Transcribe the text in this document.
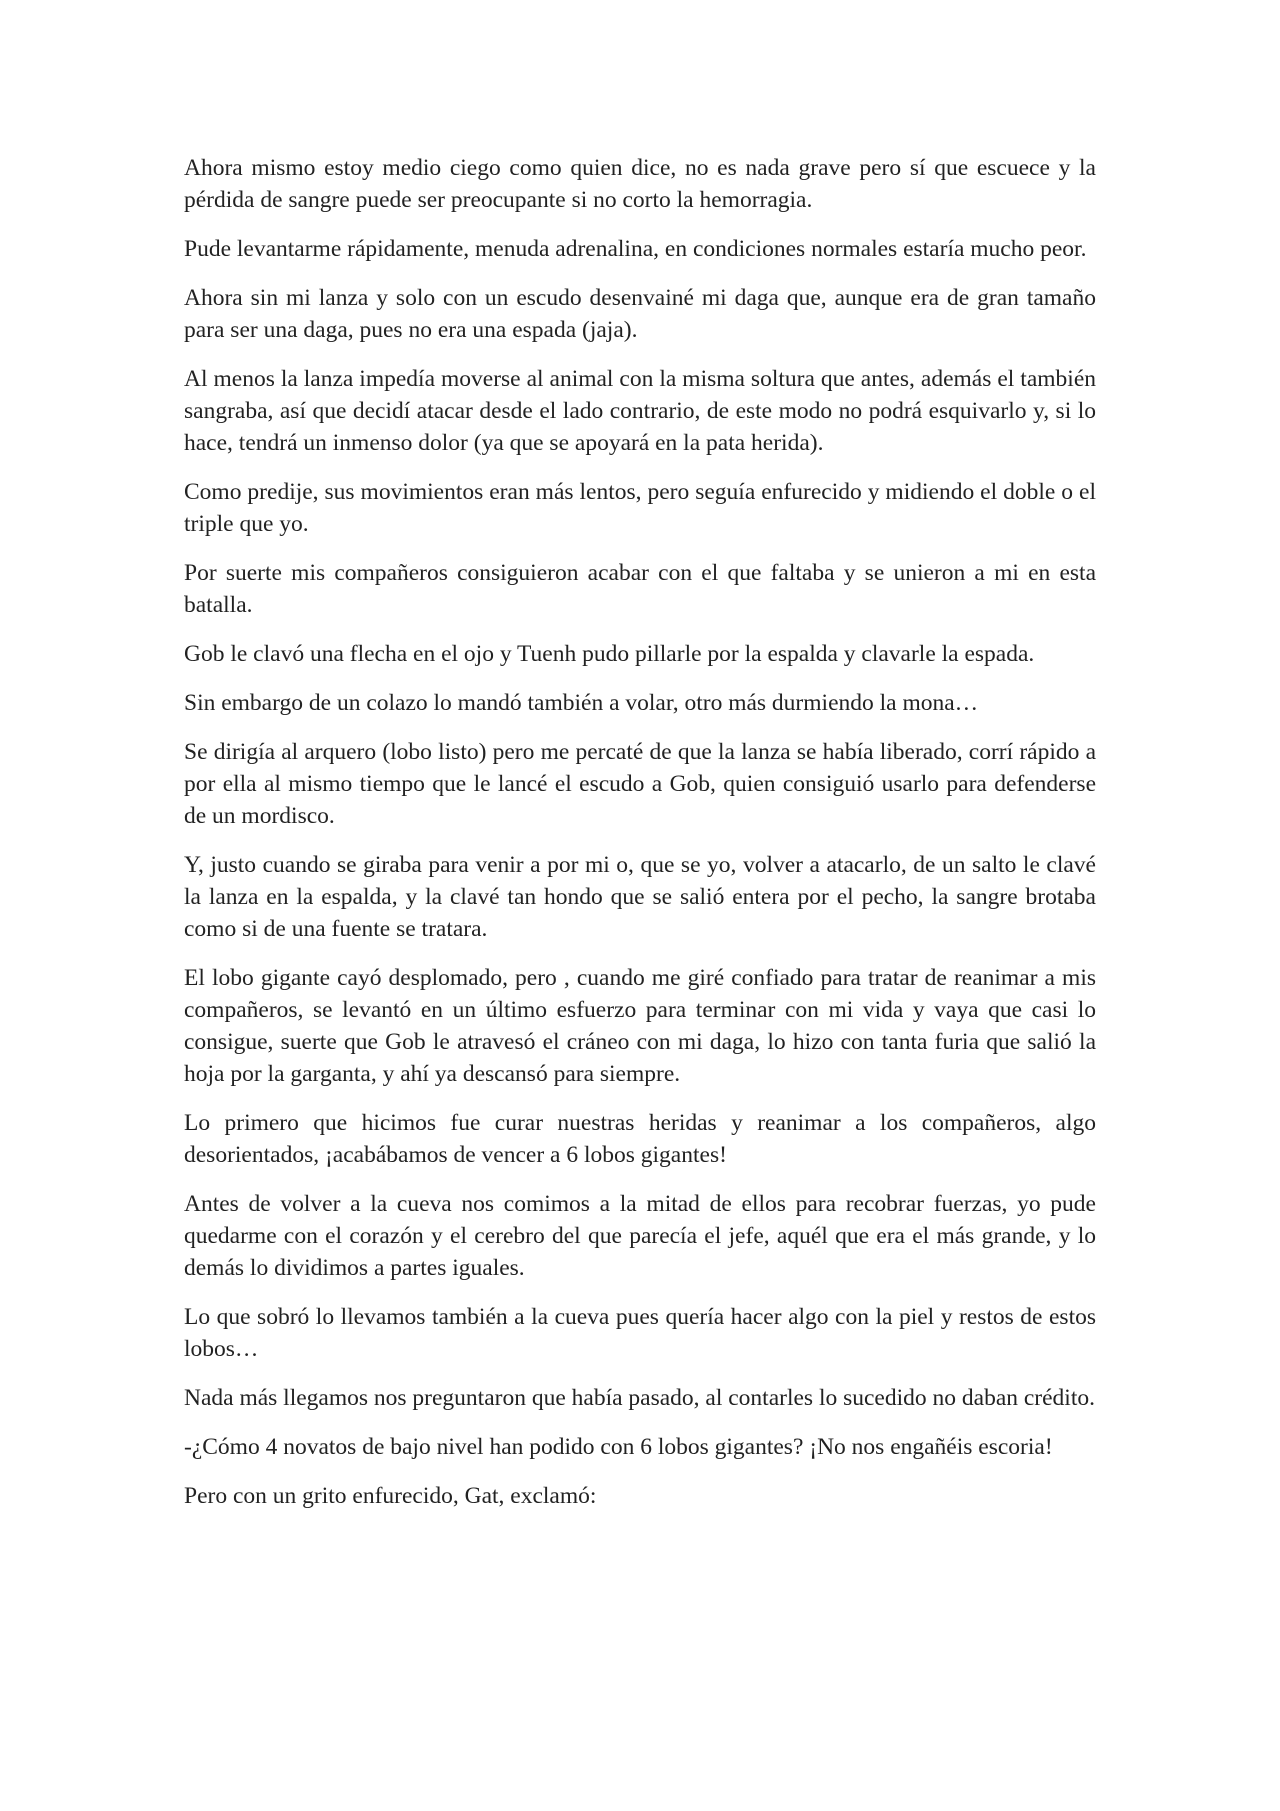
Ahora mismo estoy medio ciego como quien dice, no es nada grave pero sí que escuece y la pérdida de sangre puede ser preocupante si no corto la hemorragia.

Pude levantarme rápidamente, menuda adrenalina, en condiciones normales estaría mucho peor.

Ahora sin mi lanza y solo con un escudo desenvainé mi daga que, aunque era de gran tamaño para ser una daga, pues no era una espada (jaja).

Al menos la lanza impedía moverse al animal con la misma soltura que antes, además el también sangraba, así que decidí atacar desde el lado contrario, de este modo no podrá esquivarlo y, si lo hace, tendrá un inmenso dolor (ya que se apoyará en la pata herida).

Como predije, sus movimientos eran más lentos, pero seguía enfurecido y midiendo el doble o el triple que yo.

Por suerte mis compañeros consiguieron acabar con el que faltaba y se unieron a mi en esta batalla.

Gob le clavó una flecha en el ojo y Tuenh pudo pillarle por la espalda y clavarle la espada.

Sin embargo de un colazo lo mandó también a volar, otro más durmiendo la mona…

Se dirigía al arquero (lobo listo) pero me percaté de que la lanza se había liberado, corrí rápido a por ella al mismo tiempo que le lancé el escudo a Gob, quien consiguió usarlo para defenderse de un mordisco.

Y, justo cuando se giraba para venir a por mi o, que se yo, volver a atacarlo, de un salto le clavé la lanza en la espalda, y la clavé tan hondo que se salió entera por el pecho, la sangre brotaba como si de una fuente se tratara.

El lobo gigante cayó desplomado, pero , cuando me giré confiado para tratar de reanimar a mis compañeros, se levantó en un último esfuerzo para terminar con mi vida y vaya que casi lo consigue, suerte que Gob le atravesó el cráneo con mi daga, lo hizo con tanta furia que salió la hoja por la garganta, y ahí ya descansó para siempre.

Lo primero que hicimos fue curar nuestras heridas y reanimar a los compañeros, algo desorientados, ¡acabábamos de vencer a 6 lobos gigantes!

Antes de volver a la cueva nos comimos a la mitad de ellos para recobrar fuerzas, yo pude quedarme con el corazón y el cerebro del que parecía el jefe, aquél que era el más grande, y lo demás lo dividimos a partes iguales.

Lo que sobró lo llevamos también a la cueva pues quería hacer algo con la piel y restos de estos lobos…

Nada más llegamos nos preguntaron que había pasado, al contarles lo sucedido no daban crédito.

-¿Cómo 4 novatos de bajo nivel han podido con 6 lobos gigantes? ¡No nos engañéis escoria!

Pero con un grito enfurecido, Gat, exclamó:
